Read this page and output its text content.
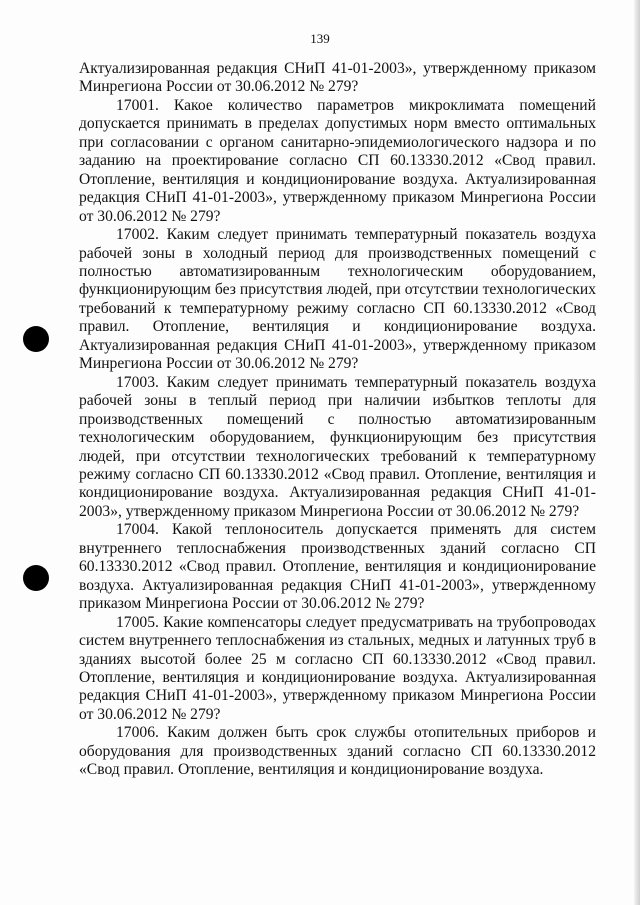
139

Актуализированная редакция СНиП 41-01-2003», утвержденному приказом Минрегиона России от 30.06.2012 № 279?

17001. Какое количество параметров микроклимата помещений допускается принимать в пределах допустимых норм вместо оптимальных при согласовании с органом санитарно-эпидемиологического надзора и по заданию на проектирование согласно СП 60.13330.2012 «Свод правил. Отопление, вентиляция и кондиционирование воздуха. Актуализированная редакция СНиП 41-01-2003», утвержденному приказом Минрегиона России от 30.06.2012 № 279?

17002. Каким следует принимать температурный показатель воздуха рабочей зоны в холодный период для производственных помещений с полностью автоматизированным технологическим оборудованием, функционирующим без присутствия людей, при отсутствии технологических требований к температурному режиму согласно СП 60.13330.2012 «Свод правил. Отопление, вентиляция и кондиционирование воздуха. Актуализированная редакция СНиП 41-01-2003», утвержденному приказом Минрегиона России от 30.06.2012 № 279?

17003. Каким следует принимать температурный показатель воздуха рабочей зоны в теплый период при наличии избытков теплоты для производственных помещений с полностью автоматизированным технологическим оборудованием, функционирующим без присутствия людей, при отсутствии технологических требований к температурному режиму согласно СП 60.13330.2012 «Свод правил. Отопление, вентиляция и кондиционирование воздуха. Актуализированная редакция СНиП 41-01-2003», утвержденному приказом Минрегиона России от 30.06.2012 № 279?

17004. Какой теплоноситель допускается применять для систем внутреннего теплоснабжения производственных зданий согласно СП 60.13330.2012 «Свод правил. Отопление, вентиляция и кондиционирование воздуха. Актуализированная редакция СНиП 41-01-2003», утвержденному приказом Минрегиона России от 30.06.2012 № 279?

17005. Какие компенсаторы следует предусматривать на трубопроводах систем внутреннего теплоснабжения из стальных, медных и латунных труб в зданиях высотой более 25 м согласно СП 60.13330.2012 «Свод правил. Отопление, вентиляция и кондиционирование воздуха. Актуализированная редакция СНиП 41-01-2003», утвержденному приказом Минрегиона России от 30.06.2012 № 279?

17006. Каким должен быть срок службы отопительных приборов и оборудования для производственных зданий согласно СП 60.13330.2012 «Свод правил. Отопление, вентиляция и кондиционирование воздуха.
